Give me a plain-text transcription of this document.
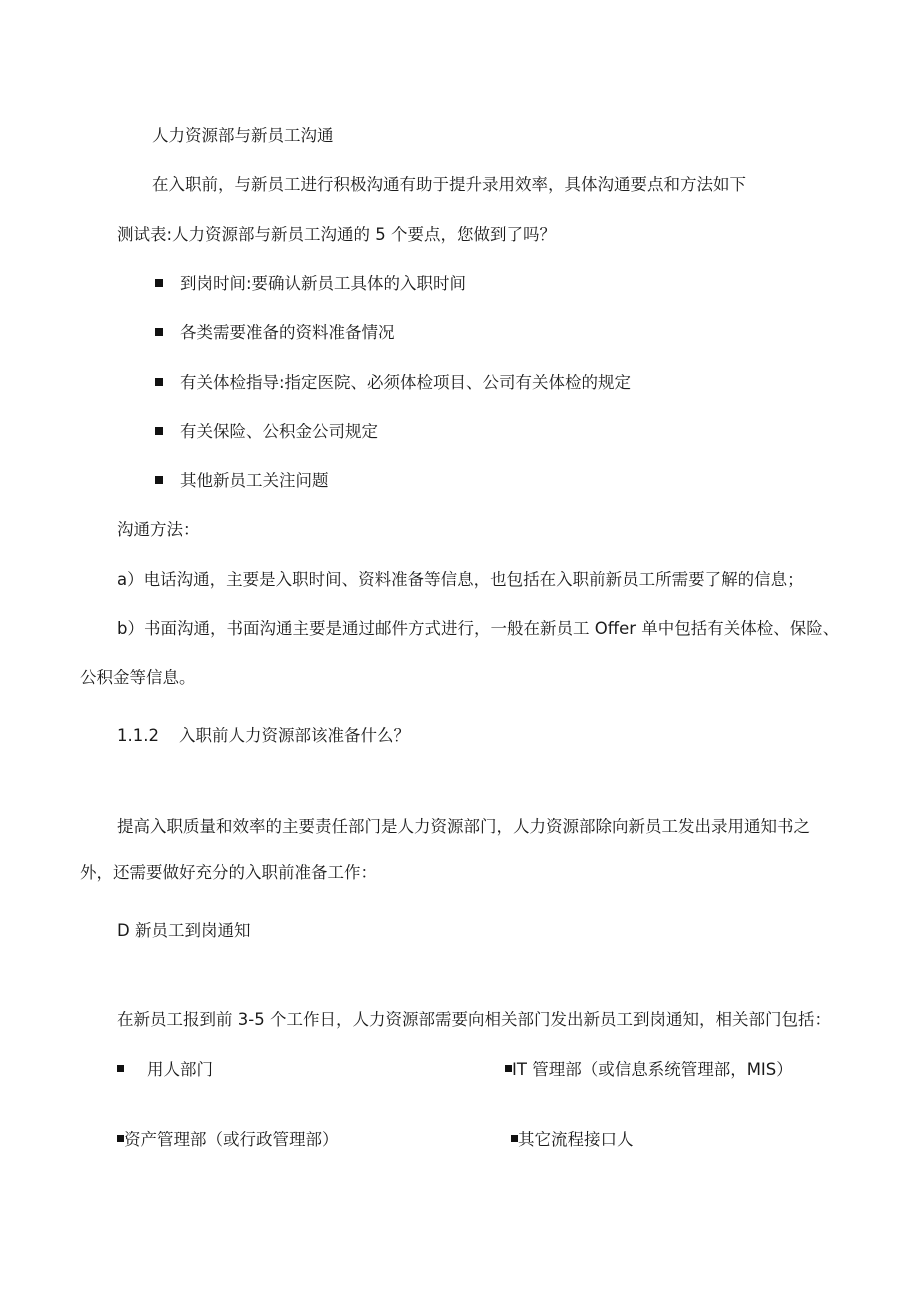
人力资源部与新员工沟通
在入职前，与新员工进行积极沟通有助于提升录用效率，具体沟通要点和方法如下
测试表:人力资源部与新员工沟通的 5 个要点，您做到了吗？
到岗时间:要确认新员工具体的入职时间
各类需要准备的资料准备情况
有关体检指导:指定医院、必须体检项目、公司有关体检的规定
有关保险、公积金公司规定
其他新员工关注问题
沟通方法：
a）电话沟通，主要是入职时间、资料准备等信息，也包括在入职前新员工所需要了解的信息；
b）书面沟通，书面沟通主要是通过邮件方式进行，一般在新员工 Offer 单中包括有关体检、保险、
公积金等信息。
1.1.2 入职前人力资源部该准备什么？
提高入职质量和效率的主要责任部门是人力资源部门，人力资源部除向新员工发出录用通知书之
外，还需要做好充分的入职前准备工作：
D 新员工到岗通知
在新员工报到前 3-5 个工作日，人力资源部需要向相关部门发出新员工到岗通知，相关部门包括：
用人部门	IT 管理部（或信息系统管理部，MIS）
资产管理部（或行政管理部）	其它流程接口人
